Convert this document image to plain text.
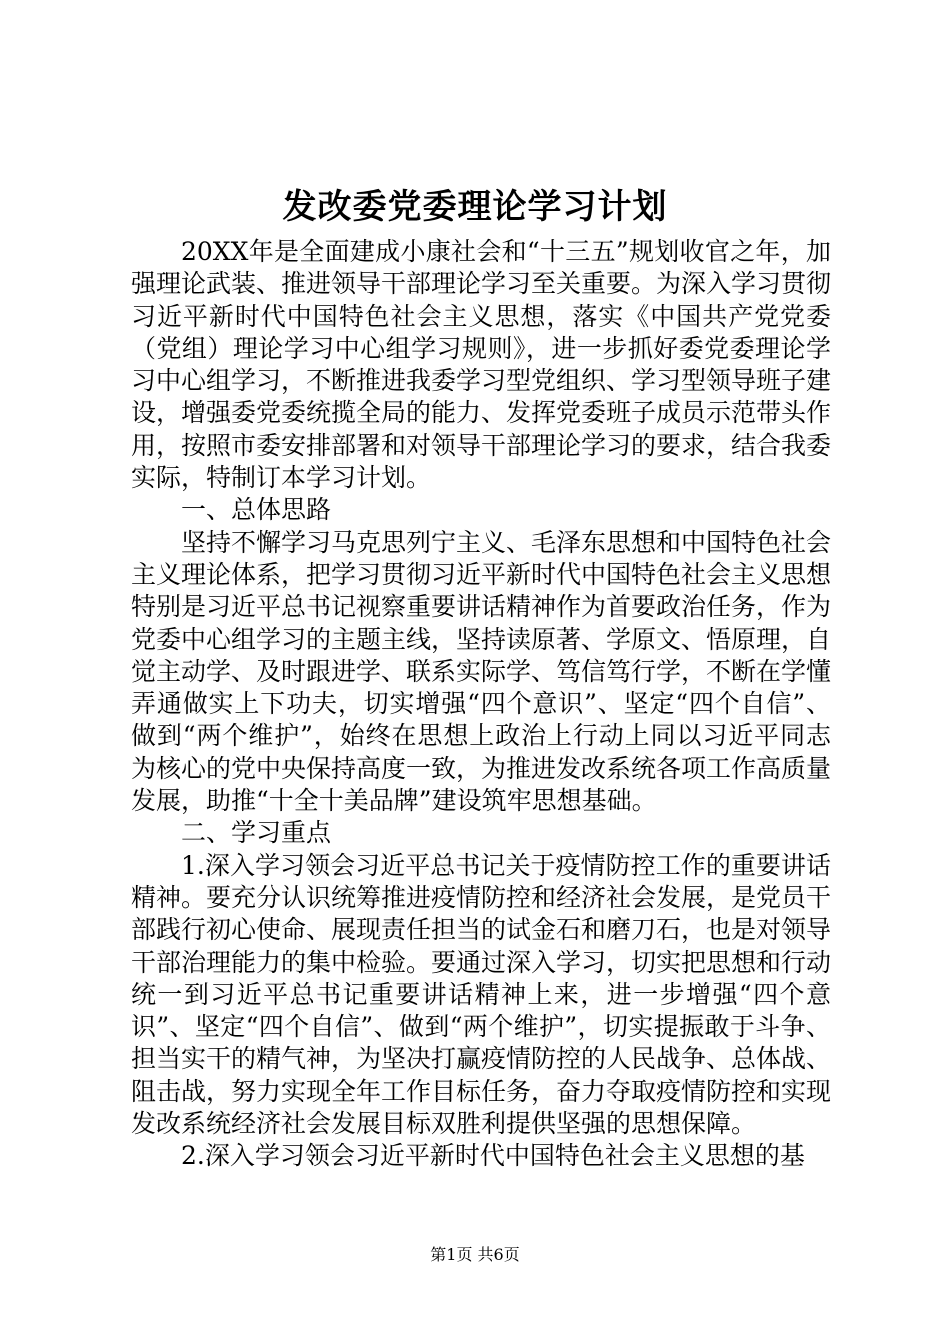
发改委党委理论学习计划

20XX年是全面建成小康社会和“十三五”规划收官之年，加强理论武装、推进领导干部理论学习至关重要。为深入学习贯彻习近平新时代中国特色社会主义思想，落实《中国共产党党委（党组）理论学习中心组学习规则》，进一步抓好委党委理论学习中心组学习，不断推进我委学习型党组织、学习型领导班子建设，增强委党委统揽全局的能力、发挥党委班子成员示范带头作用，按照市委安排部署和对领导干部理论学习的要求，结合我委实际，特制订本学习计划。

一、总体思路

坚持不懈学习马克思列宁主义、毛泽东思想和中国特色社会主义理论体系，把学习贯彻习近平新时代中国特色社会主义思想特别是习近平总书记视察重要讲话精神作为首要政治任务，作为党委中心组学习的主题主线，坚持读原著、学原文、悟原理，自觉主动学、及时跟进学、联系实际学、笃信笃行学，不断在学懂弄通做实上下功夫，切实增强“四个意识”、坚定“四个自信”、做到“两个维护”，始终在思想上政治上行动上同以习近平同志为核心的党中央保持高度一致，为推进发改系统各项工作高质量发展，助推“十全十美品牌”建设筑牢思想基础。

二、学习重点

1.深入学习领会习近平总书记关于疫情防控工作的重要讲话精神。要充分认识统筹推进疫情防控和经济社会发展，是党员干部践行初心使命、展现责任担当的试金石和磨刀石，也是对领导干部治理能力的集中检验。要通过深入学习，切实把思想和行动统一到习近平总书记重要讲话精神上来，进一步增强“四个意识”、坚定“四个自信”、做到“两个维护”，切实提振敢于斗争、担当实干的精气神，为坚决打赢疫情防控的人民战争、总体战、阻击战，努力实现全年工作目标任务，奋力夺取疫情防控和实现发改系统经济社会发展目标双胜利提供坚强的思想保障。

2.深入学习领会习近平新时代中国特色社会主义思想的基

第1页 共6页
